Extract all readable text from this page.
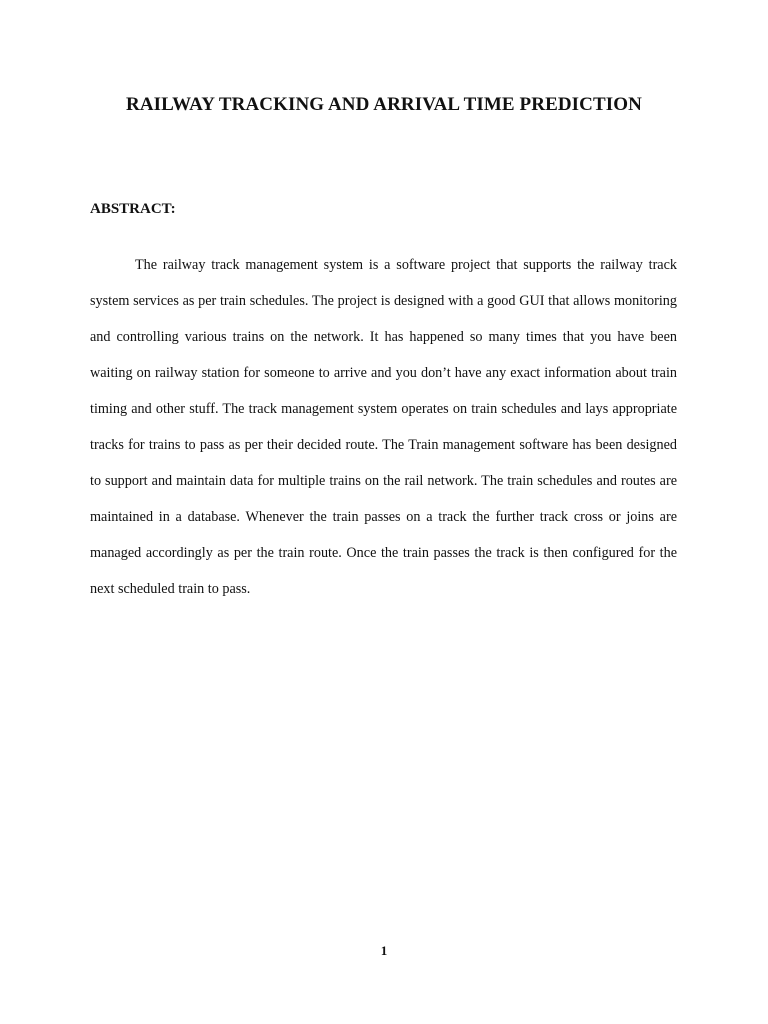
RAILWAY TRACKING AND ARRIVAL TIME PREDICTION
ABSTRACT:

The railway track management system is a software project that supports the railway track system services as per train schedules. The project is designed with a good GUI that allows monitoring and controlling various trains on the network. It has happened so many times that you have been waiting on railway station for someone to arrive and you don’t have any exact information about train timing and other stuff. The track management system operates on train schedules and lays appropriate tracks for trains to pass as per their decided route. The Train management software has been designed to support and maintain data for multiple trains on the rail network. The train schedules and routes are maintained in a database. Whenever the train passes on a track the further track cross or joins are managed accordingly as per the train route. Once the train passes the track is then configured for the next scheduled train to pass.

1
